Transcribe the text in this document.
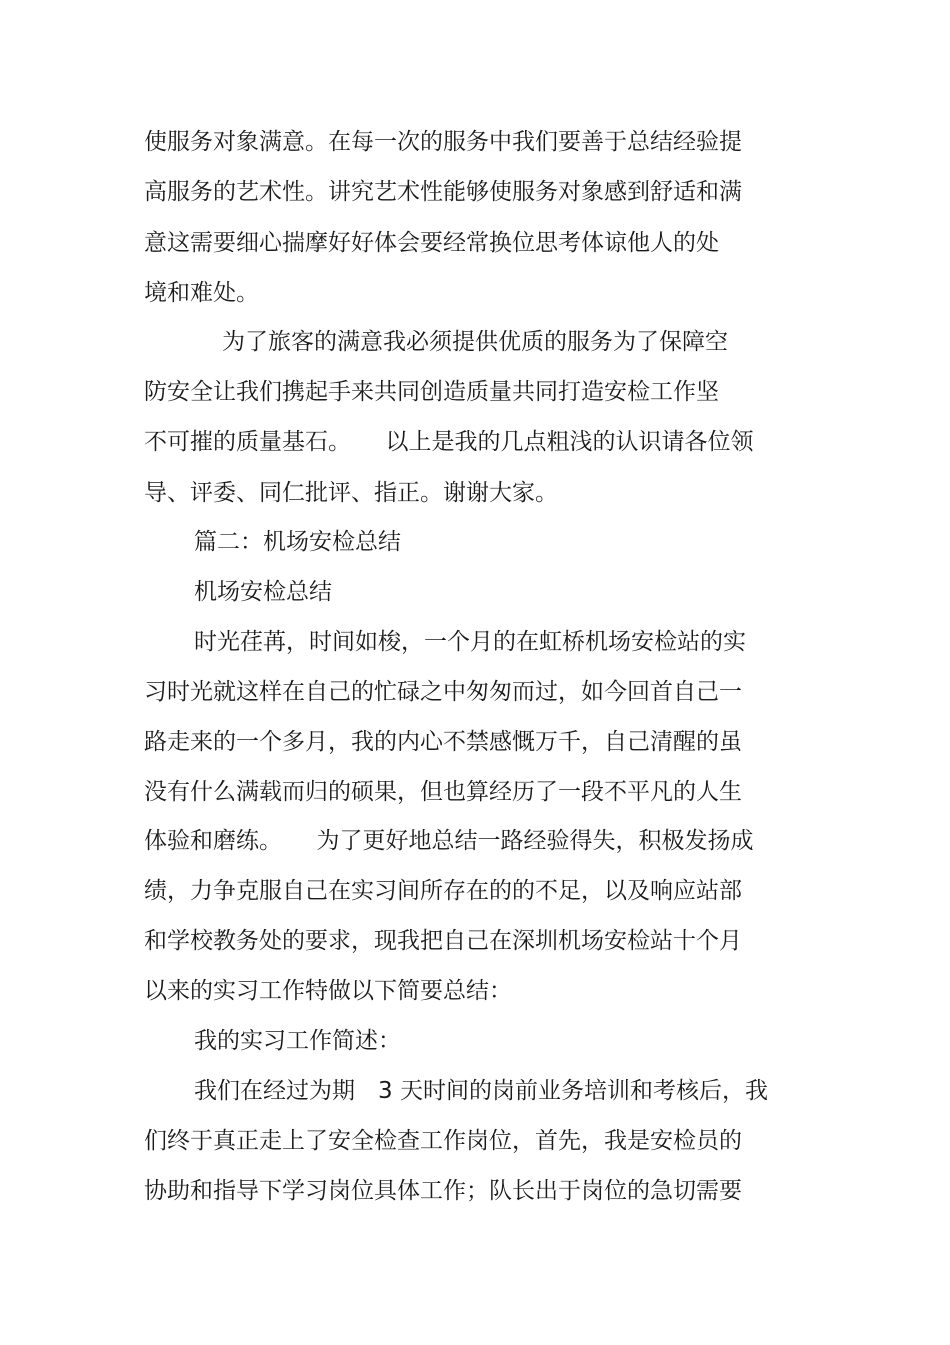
使服务对象满意。在每一次的服务中我们要善于总结经验提

高服务的艺术性。讲究艺术性能够使服务对象感到舒适和满

意这需要细心揣摩好好体会要经常换位思考体谅他人的处

境和难处。

为了旅客的满意我必须提供优质的服务为了保障空

防安全让我们携起手来共同创造质量共同打造安检工作坚

不可摧的质量基石。　　以上是我的几点粗浅的认识请各位领

导、评委、同仁批评、指正。谢谢大家。

篇二：机场安检总结

机场安检总结

时光荏苒，时间如梭，一个月的在虹桥机场安检站的实

习时光就这样在自己的忙碌之中匆匆而过，如今回首自己一

路走来的一个多月，我的内心不禁感慨万千，自己清醒的虽

没有什么满载而归的硕果，但也算经历了一段不平凡的人生

体验和磨练。　　为了更好地总结一路经验得失，积极发扬成

绩，力争克服自己在实习间所存在的的不足，以及响应站部

和学校教务处的要求，现我把自己在深圳机场安检站十个月

以来的实习工作特做以下简要总结：

我的实习工作简述：

我们在经过为期　3 天时间的岗前业务培训和考核后，我

们终于真正走上了安全检查工作岗位，首先，我是安检员的

协助和指导下学习岗位具体工作；队长出于岗位的急切需要
